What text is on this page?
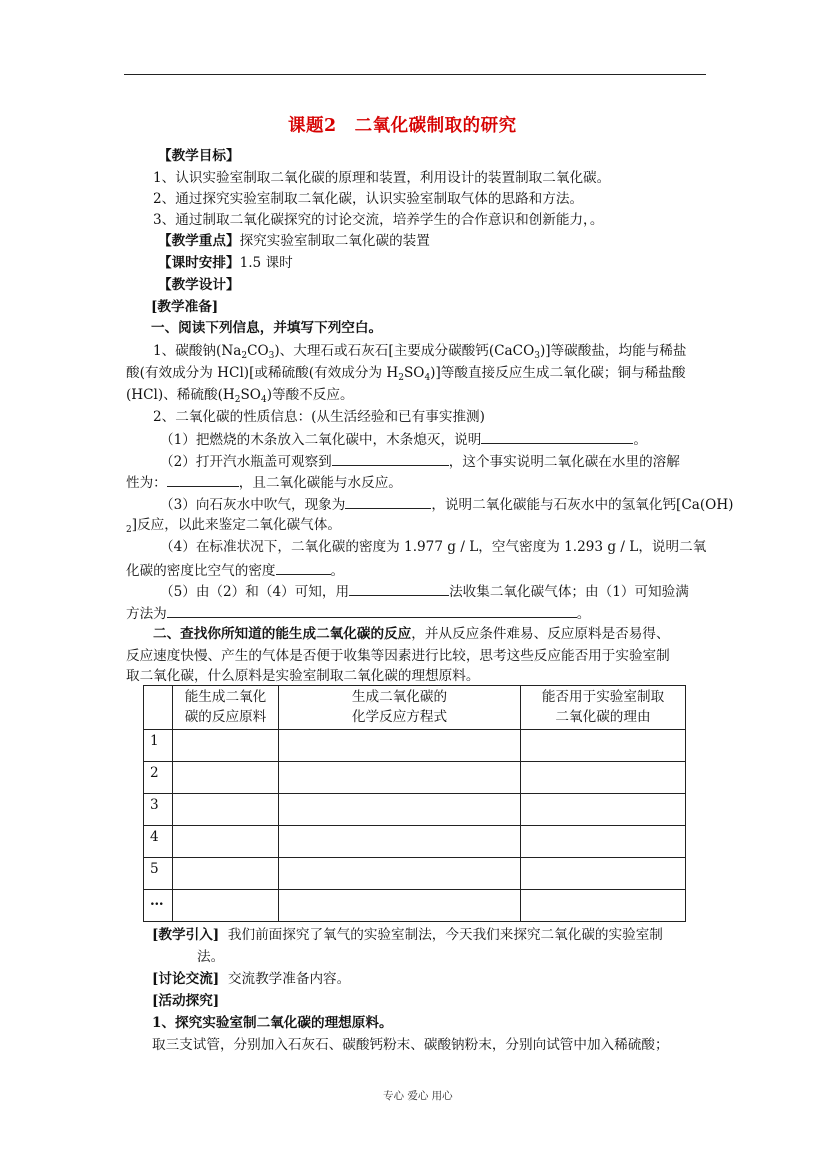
课题2　二氧化碳制取的研究
【教学目标】
1、认识实验室制取二氧化碳的原理和装置，利用设计的装置制取二氧化碳。
2、通过探究实验室制取二氧化碳，认识实验室制取气体的思路和方法。
3、通过制取二氧化碳探究的讨论交流，培养学生的合作意识和创新能力，。
【教学重点】探究实验室制取二氧化碳的装置
【课时安排】1.5 课时
【教学设计】
[教学准备]
一、阅读下列信息，并填写下列空白。
1、碳酸钠$(Na_2CO_3)$、大理石或石灰石[主要成分碳酸钙(CaCO$_3$)]等碳酸盐，均能与稀盐
酸(有效成分为 HCl)[或稀硫酸(有效成分为 $H_2SO_4$)]等酸直接反应生成二氧化碳；铜与稀盐酸
(HCl)、稀硫酸$(H_2SO_4)$等酸不反应。
2、二氧化碳的性质信息：(从生活经验和已有事实推测)
（1）把燃烧的木条放入二氧化碳中，木条熄灭，说明	。
（2）打开汽水瓶盖可观察到	，这个事实说明二氧化碳在水里的溶解
性为：	，且二氧化碳能与水反应。
（3）向石灰水中吹气，现象为	，说明二氧化碳能与石灰水中的氢氧化钙[Ca(OH)
$_2$]反应，以此来鉴定二氧化碳气体。
（4）在标准状况下，二氧化碳的密度为 1.977 g / L，空气密度为 1.293 g / L，说明二氧
化碳的密度比空气的密度	。
（5）由（2）和（4）可知，用	法收集二氧化碳气体；由（1）可知验满
方法为	。
二、查找你所知道的能生成二氧化碳的反应，并从反应条件难易、反应原料是否易得、
反应速度快慢、产生的气体是否便于收集等因素进行比较，思考这些反应能否用于实验室制
取二氧化碳，什么原料是实验室制取二氧化碳的理想原料。

	能生成二氧化
碳的反应原料	生成二氧化碳的
化学反应方程式	能否用于实验室制取
二氧化碳的理由

1			

2			

3			

4			

5			

…			

[教学引入] 我们前面探究了氧气的实验室制法，今天我们来探究二氧化碳的实验室制
法。
[讨论交流] 交流教学准备内容。
[活动探究]
1、探究实验室制二氧化碳的理想原料。
取三支试管，分别加入石灰石、碳酸钙粉末、碳酸钠粉末，分别向试管中加入稀硫酸；
专心 爱心 用心
